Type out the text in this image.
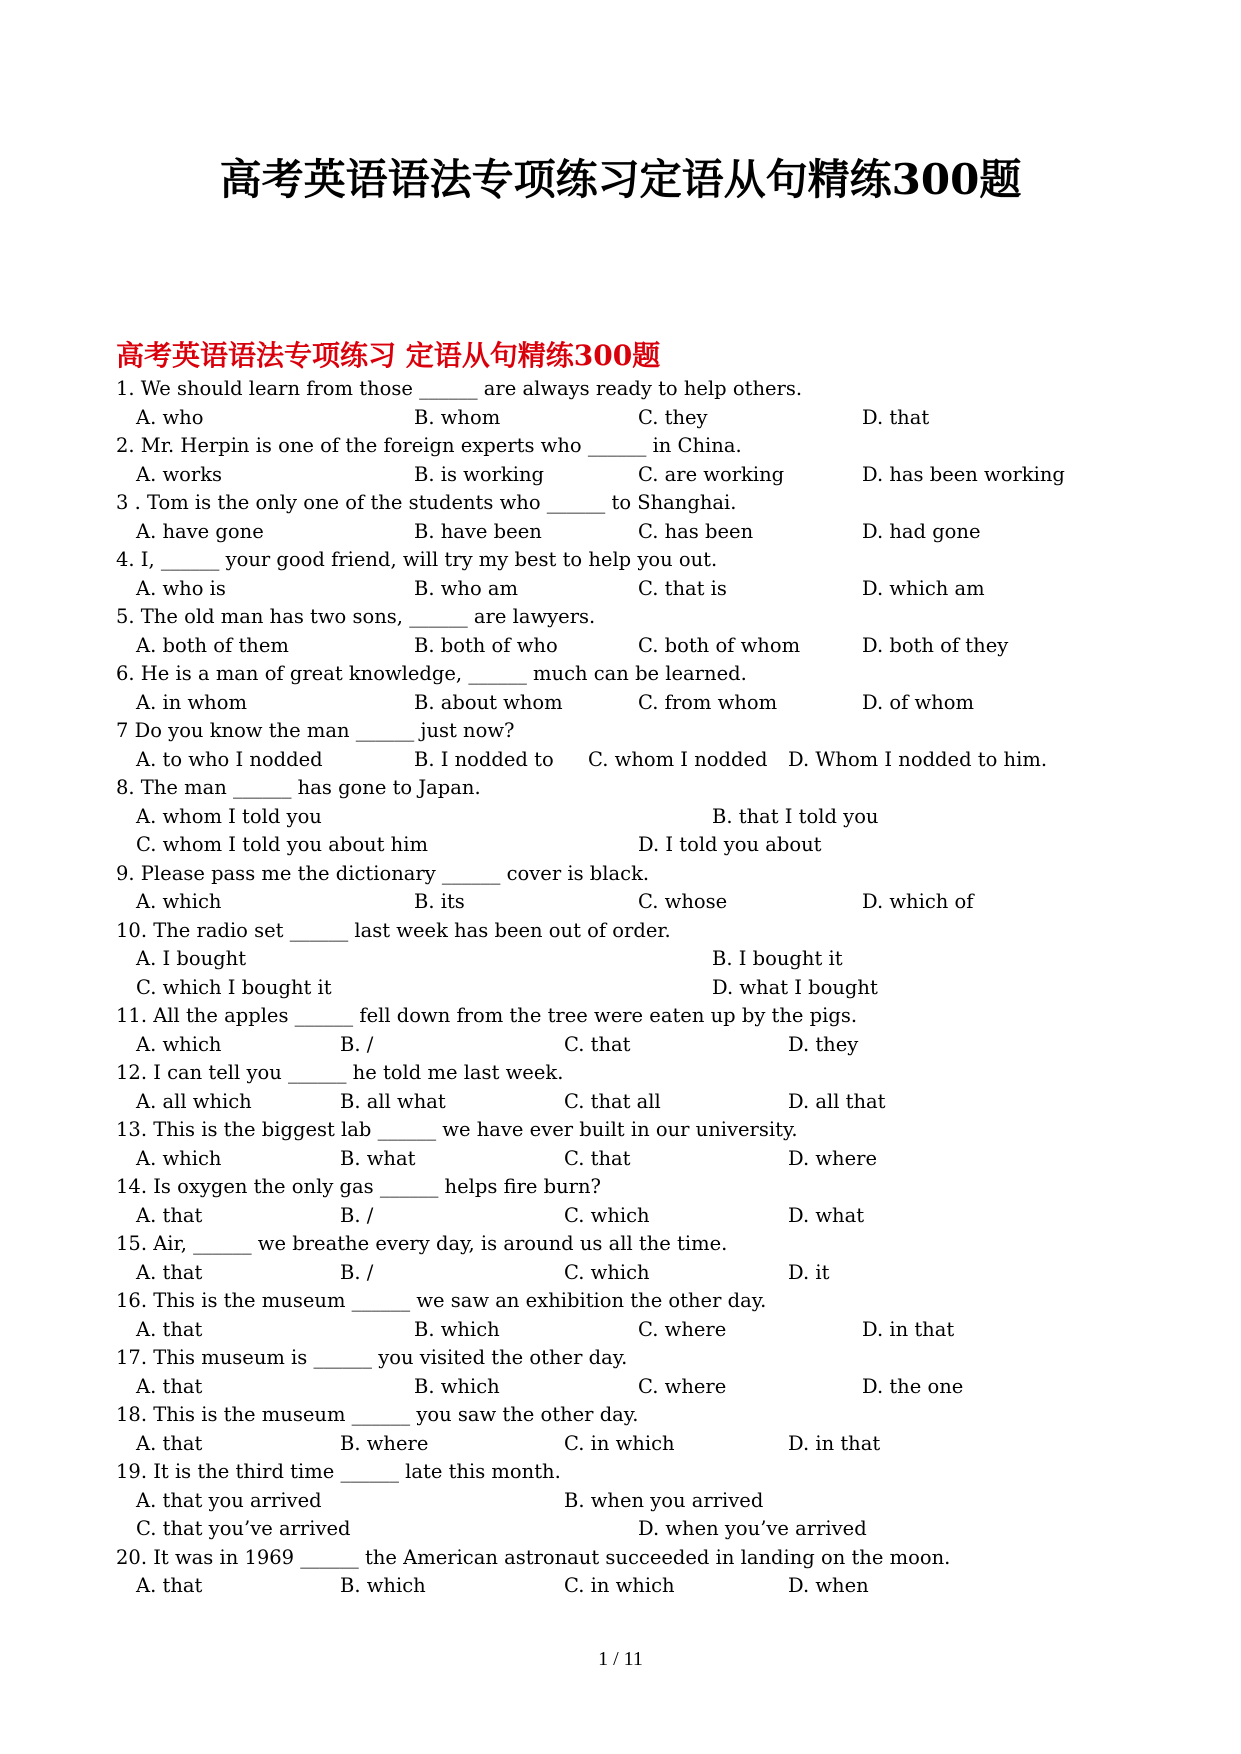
高考英语语法专项练习定语从句精练300题
高考英语语法专项练习 定语从句精练300题
1. We should learn from those ______ are always ready to help others.
A. who	B. whom	C. they	D. that
2. Mr. Herpin is one of the foreign experts who ______ in China.
A. works	B. is working	C. are working	D. has been working
3 . Tom is the only one of the students who ______ to Shanghai.
A. have gone	B. have been	C. has been	D. had gone
4. I, ______ your good friend, will try my best to help you out.
A. who is	B. who am	C. that is	D. which am
5. The old man has two sons, ______ are lawyers.
A. both of them	B. both of who	C. both of whom	D. both of they
6. He is a man of great knowledge, ______ much can be learned.
A. in whom	B. about whom	C. from whom	D. of whom
7 Do you know the man ______ just now?
A. to who I nodded	B. I nodded to C. whom I nodded D. Whom I nodded to him.
8. The man ______ has gone to Japan.
A. whom I told you	B. that I told you
C. whom I told you about him	D. I told you about
9. Please pass me the dictionary ______ cover is black.
A. which	B. its	C. whose	D. which of
10. The radio set ______ last week has been out of order.
A. I bought	B. I bought it
C. which I bought it	D. what I bought
11. All the apples ______ fell down from the tree were eaten up by the pigs.
A. which	B. /	C. that	D. they
12. I can tell you ______ he told me last week.
A. all which	B. all what	C. that all	D. all that
13. This is the biggest lab ______ we have ever built in our university.
A. which	B. what	C. that	D. where
14. Is oxygen the only gas ______ helps fire burn?
A. that	B. /	C. which	D. what
15. Air, ______ we breathe every day, is around us all the time.
A. that	B. /	C. which	D. it
16. This is the museum ______ we saw an exhibition the other day.
A. that	B. which	C. where	D. in that
17. This museum is ______ you visited the other day.
A. that	B. which	C. where	D. the one
18. This is the museum ______ you saw the other day.
A. that	B. where	C. in which	D. in that
19. It is the third time ______ late this month.
A. that you arrived	B. when you arrived
C. that you’ve arrived	D. when you’ve arrived
20. It was in 1969 ______ the American astronaut succeeded in landing on the moon.
A. that	B. which	C. in which	D. when
1 / 11
